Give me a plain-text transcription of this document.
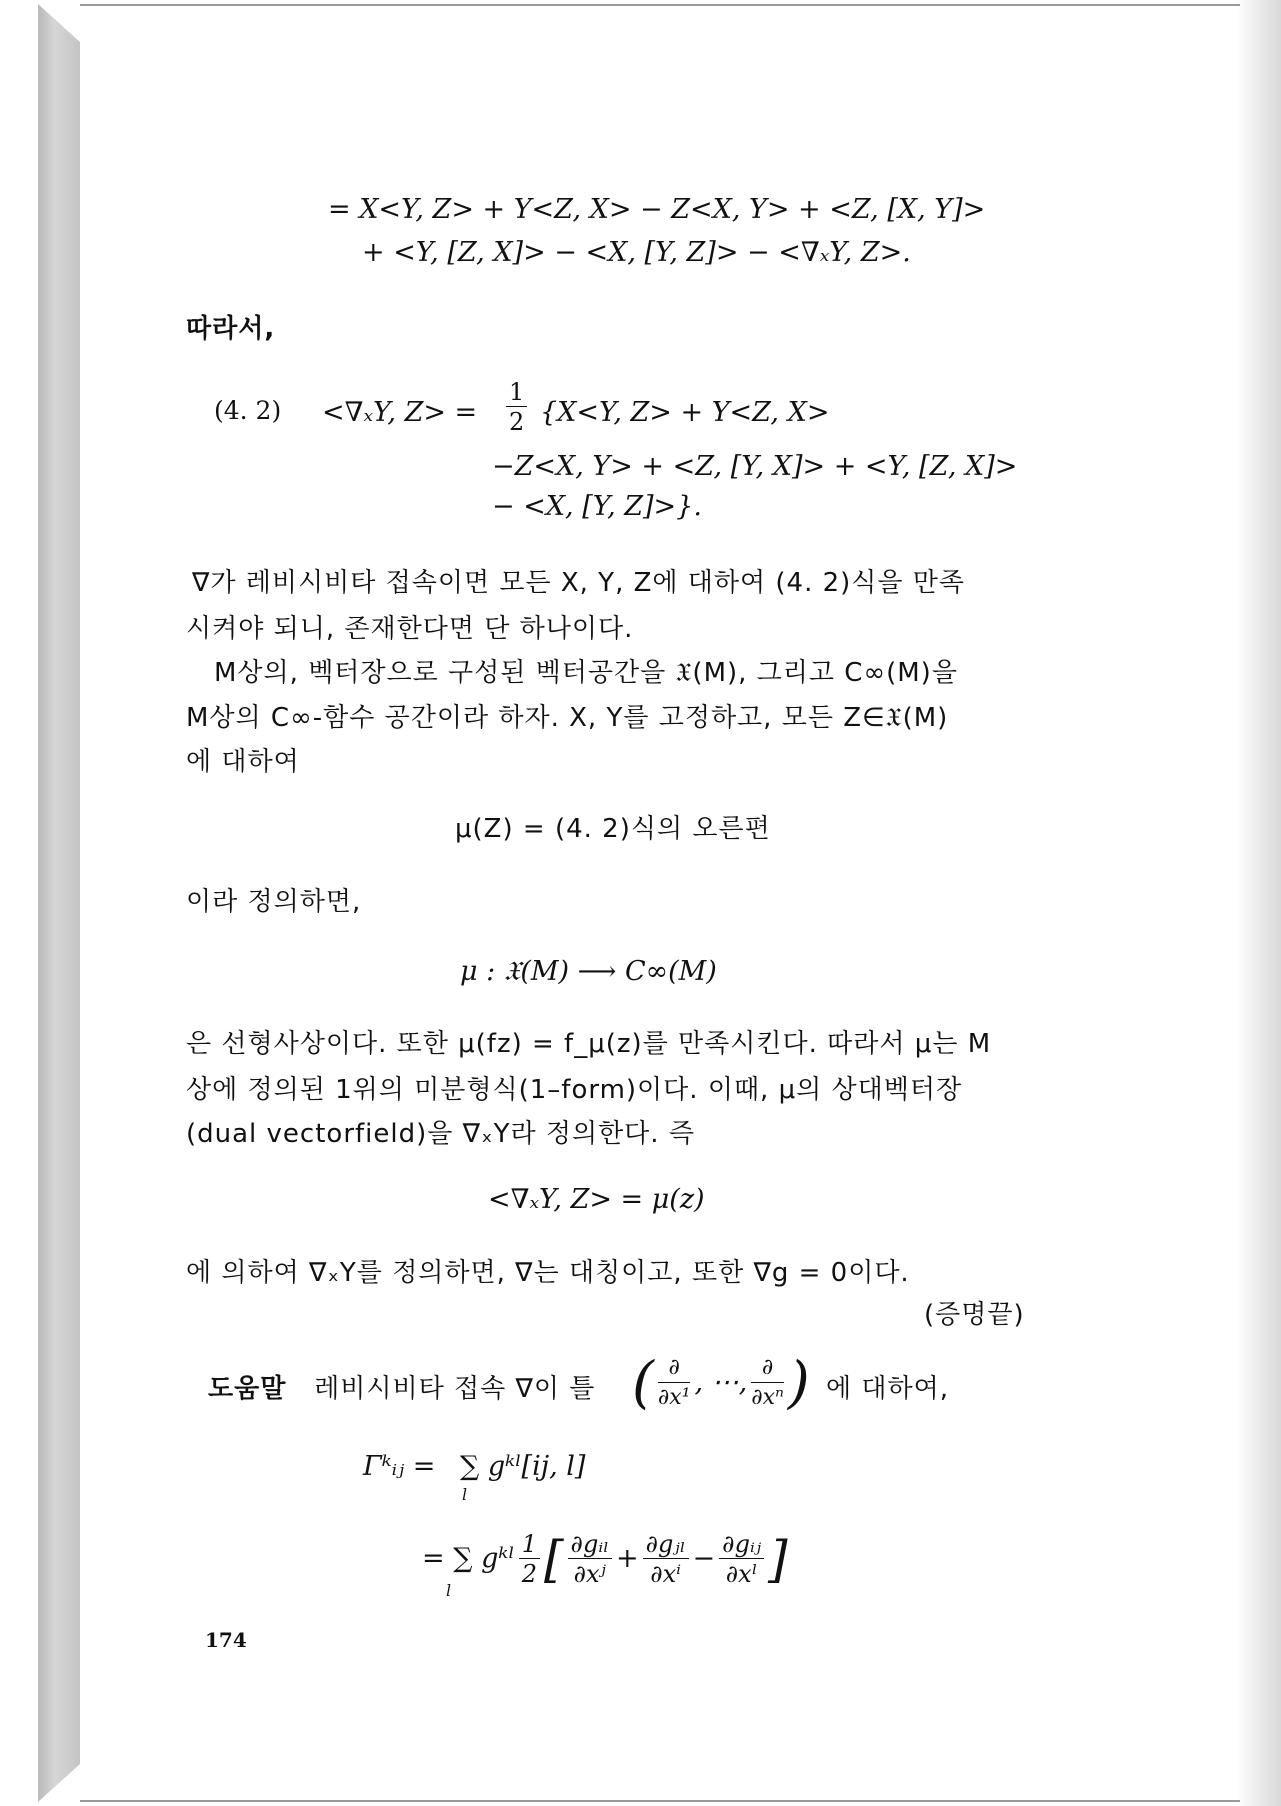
= X<Y, Z> + Y<Z, X> − Z<X, Y> + <Z, [X, Y]>
+ <Y, [Z, X]> − <X, [Y, Z]> − <∇ₓY, Z>.
따라서,
(4. 2) <∇ₓY, $Z> = \frac{1}{2} \{X<Y$, Z> + Y<Z, X>
−Z<X, Y> + <Z, [Y, X]> + <Y, [Z, X]>
− <X, [Y, Z]>}.
∇가 레비시비타 접속이면 모든 X, Y, Z에 대하여 (4. 2)식을 만족
시켜야 되니, 존재한다면 단 하나이다.
M상의, 벡터장으로 구성된 벡터공간을 𝔛(M), 그리고 C∞(M)을
M상의 C∞-함수 공간이라 하자. X, Y를 고정하고, 모든 Z∈𝔛(M)
에 대하여
μ(Z) = (4. 2)식의 오른편
이라 정의하면,
μ : 𝔛(M) ⟶ C∞(M)
은 선형사상이다. 또한 μ(fz) = f_μ(z)를 만족시킨다. 따라서 μ는 M
상에 정의된 1위의 미분형식(1–form)이다. 이때, μ의 상대벡터장
(dual vectorfield)을 ∇ₓY라 정의한다. 즉
<∇ₓY, Z> = μ(z)
에 의하여 ∇ₓY를 정의하면, ∇는 대칭이고, 또한 ∇g = 0이다.
(증명끝)
도움말 레비시비타 접속 ∇이 틀 ( $\frac{\partial}{\text{∂x¹}}$ , ⋯, $\frac{\partial}{\text{∂xⁿ}}$ ) 에 대하여,
Γᵏᵢⱼ = ∑ gᵏˡ[ij, l]
l
= ∑ gᵏˡ $\frac{1}{2}$ [ $\frac{\text{∂gᵢₗ}}{\text{∂xʲ}} + \frac{\text{∂gⱼₗ}}{\text{∂xⁱ}} - \frac{\text{∂gᵢⱼ}}{\text{∂xˡ}}$ ]
l
174
